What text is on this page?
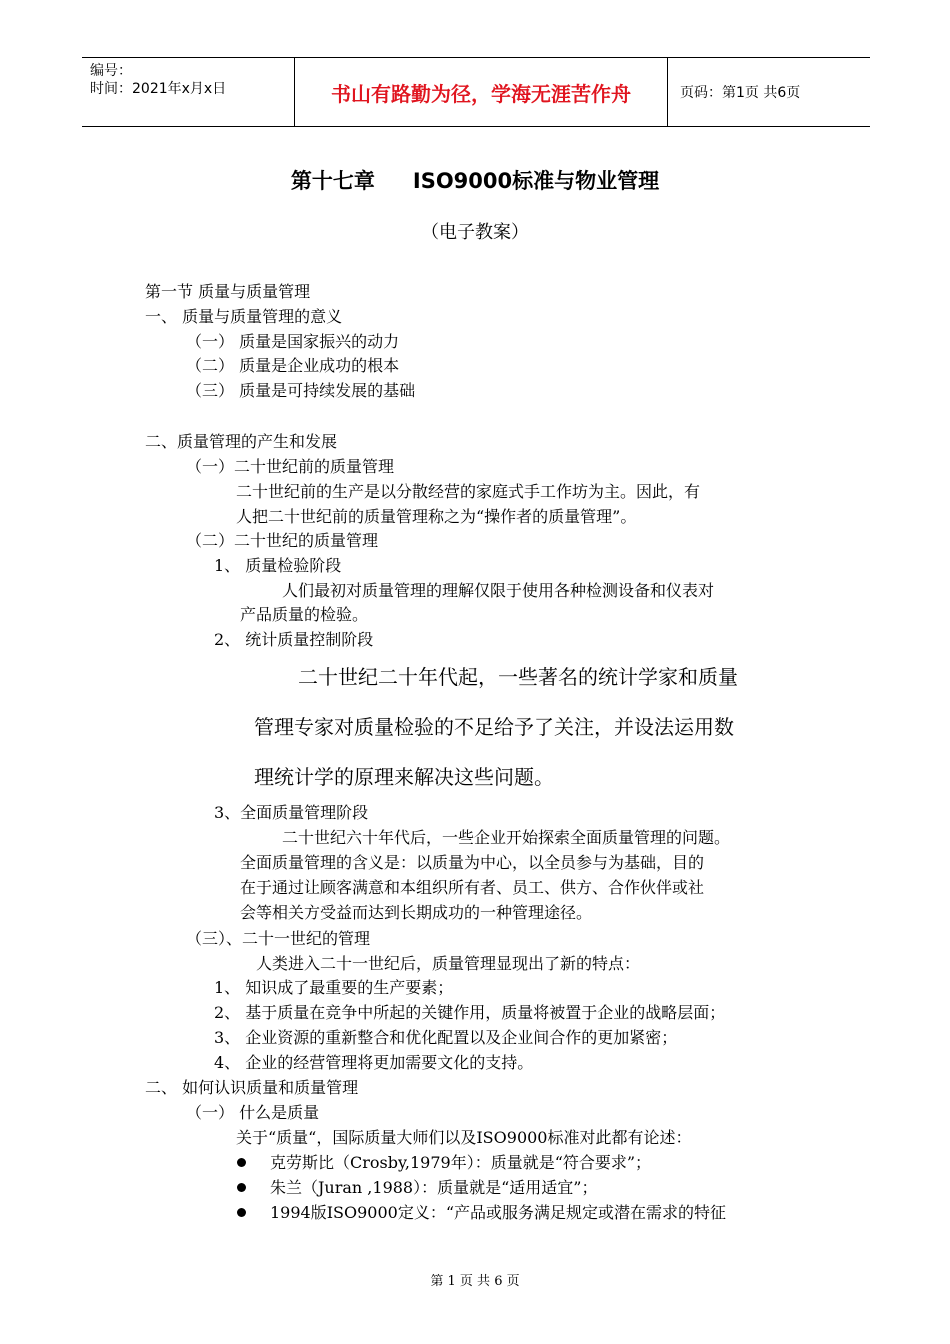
编号：
时间：2021年x月x日	书山有路勤为径，学海无涯苦作舟	页码：第1页 共6页
第十七章 ISO9000标准与物业管理
（电子教案）
第一节 质量与质量管理
一、 质量与质量管理的意义
（一） 质量是国家振兴的动力
（二） 质量是企业成功的根本
（三） 质量是可持续发展的基础
二、质量管理的产生和发展
（一）二十世纪前的质量管理
二十世纪前的生产是以分散经营的家庭式手工作坊为主。因此，有
人把二十世纪前的质量管理称之为“操作者的质量管理”。
（二）二十世纪的质量管理
1、 质量检验阶段
人们最初对质量管理的理解仅限于使用各种检测设备和仪表对
产品质量的检验。
2、 统计质量控制阶段
二十世纪二十年代起，一些著名的统计学家和质量
管理专家对质量检验的不足给予了关注，并设法运用数
理统计学的原理来解决这些问题。
3、全面质量管理阶段
二十世纪六十年代后，一些企业开始探索全面质量管理的问题。
全面质量管理的含义是：以质量为中心，以全员参与为基础，目的
在于通过让顾客满意和本组织所有者、员工、供方、合作伙伴或社
会等相关方受益而达到长期成功的一种管理途径。
（三）、二十一世纪的管理
人类进入二十一世纪后，质量管理显现出了新的特点：
1、 知识成了最重要的生产要素；
2、 基于质量在竞争中所起的关键作用，质量将被置于企业的战略层面；
3、 企业资源的重新整合和优化配置以及企业间合作的更加紧密；
4、 企业的经营管理将更加需要文化的支持。
二、 如何认识质量和质量管理
（一） 什么是质量
关于“质量“，国际质量大师们以及ISO9000标准对此都有论述：
克劳斯比（Crosby,1979年）：质量就是“符合要求”；
朱兰（Juran ,1988）：质量就是“适用适宜”；
1994版ISO9000定义：“产品或服务满足规定或潜在需求的特征
第 1 页 共 6 页
